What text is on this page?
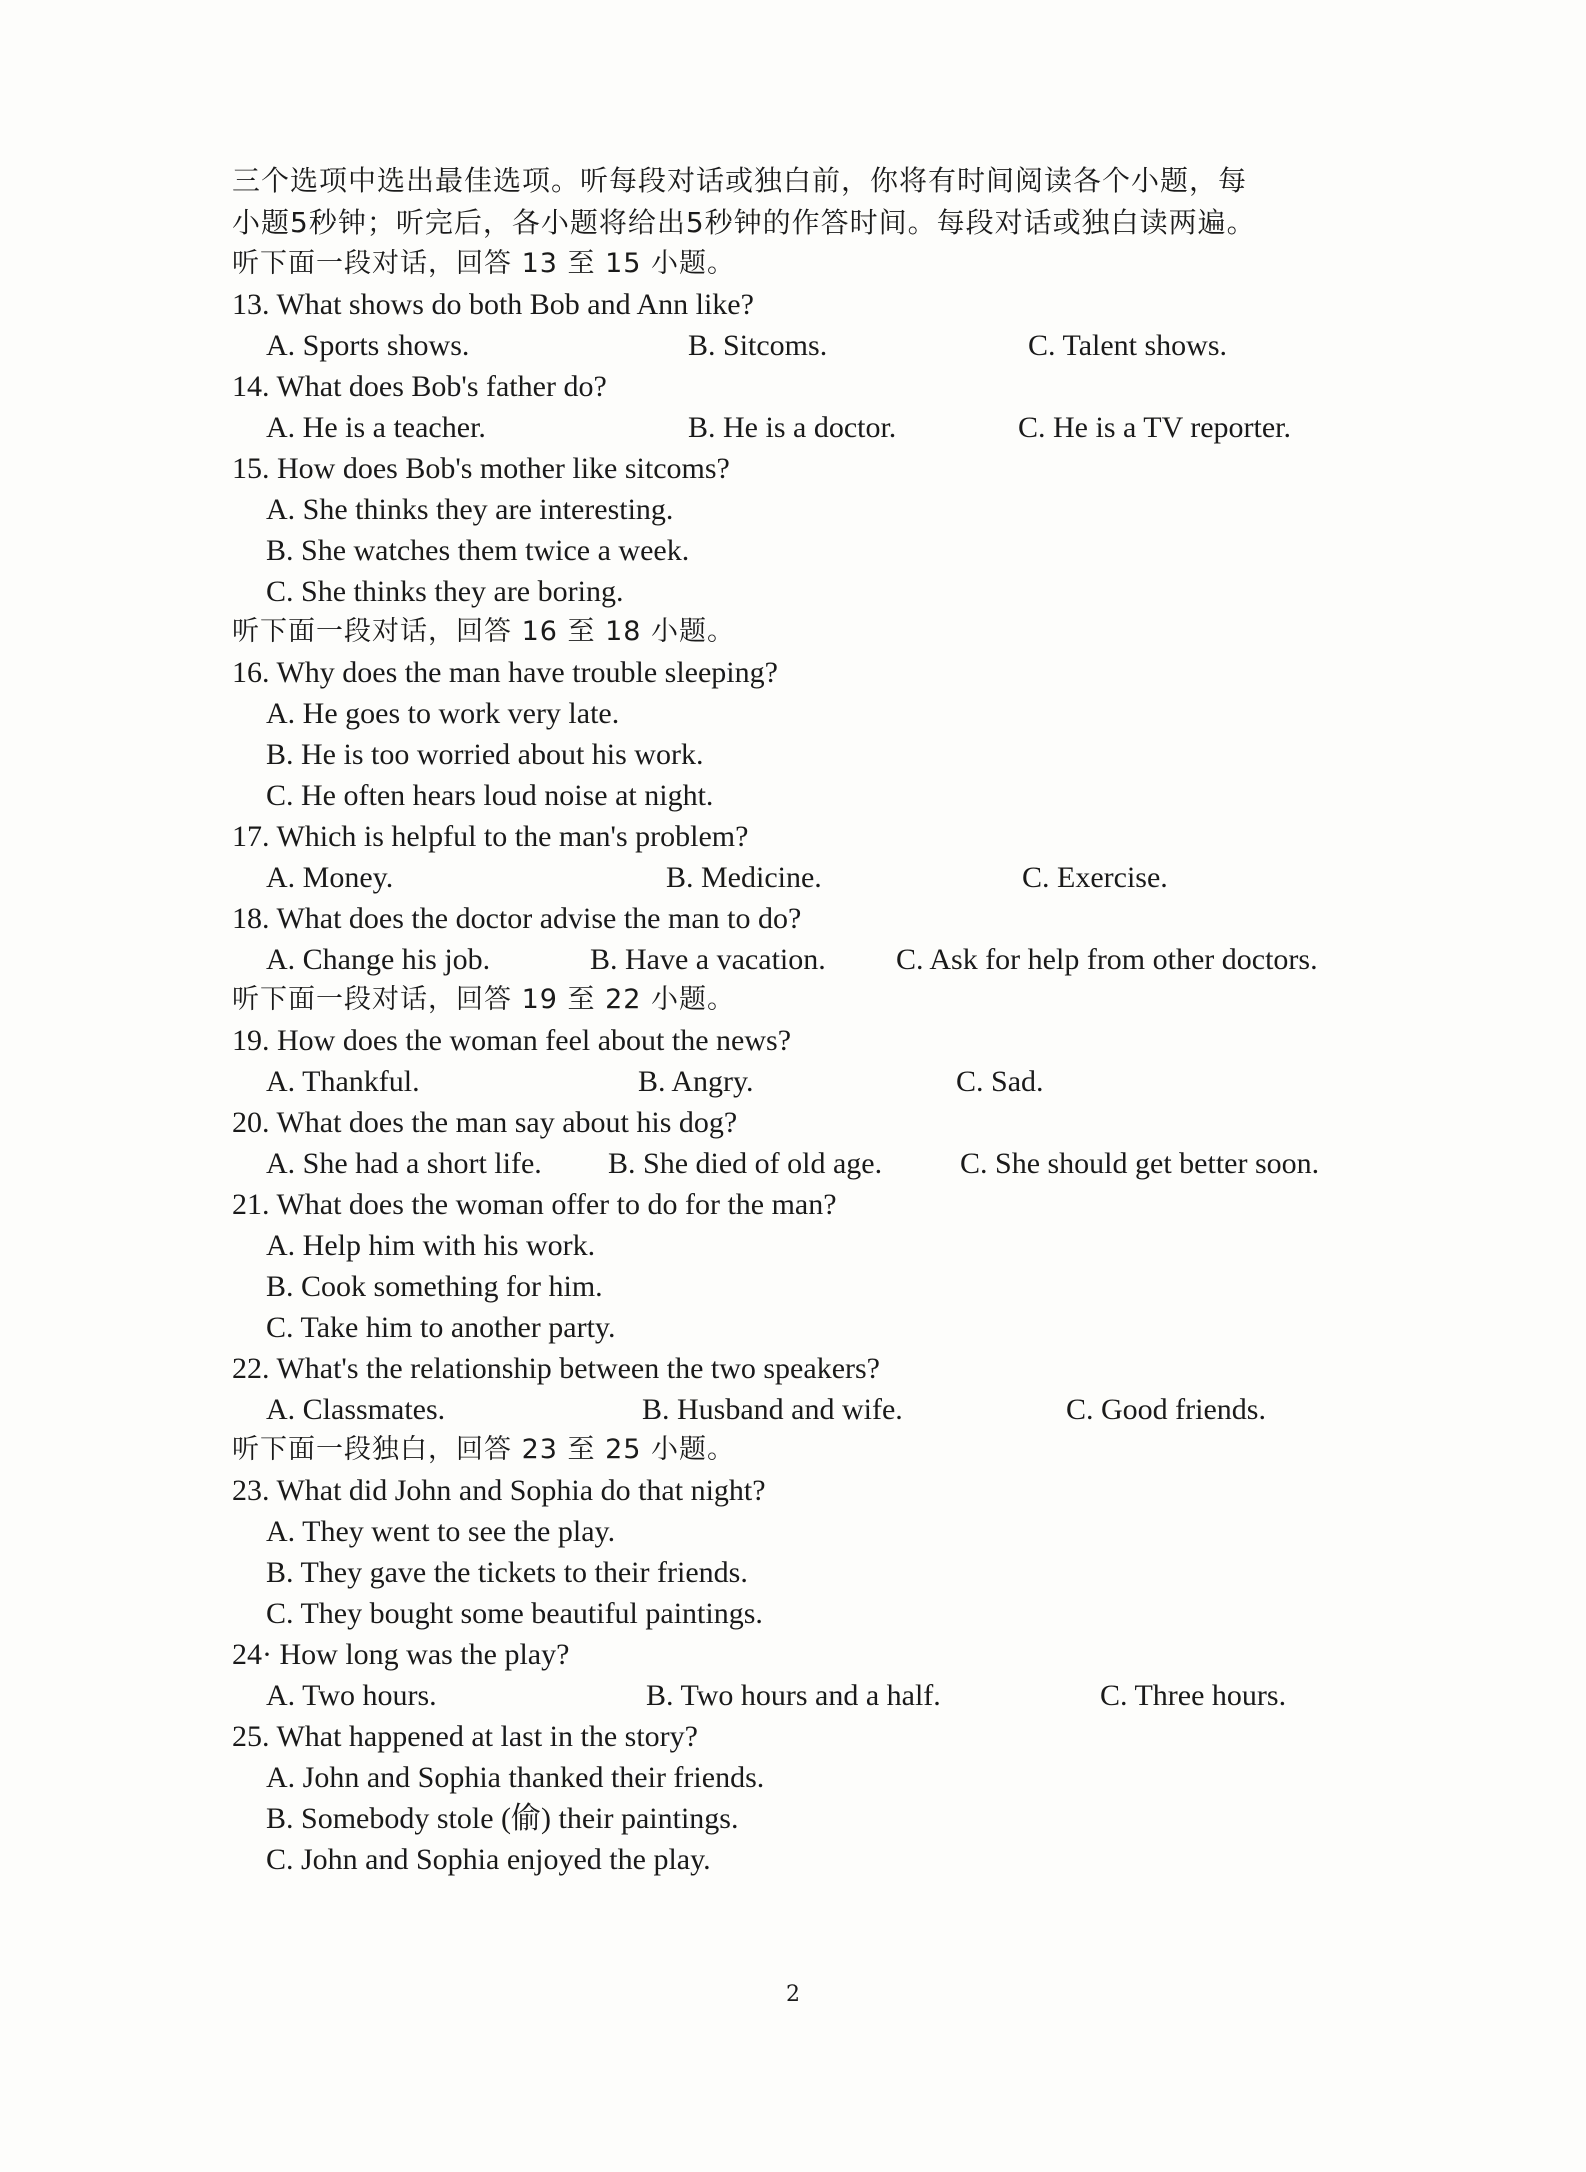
三个选项中选出最佳选项。听每段对话或独白前，你将有时间阅读各个小题，每
小题5秒钟；听完后，各小题将给出5秒钟的作答时间。每段对话或独白读两遍。
听下面一段对话，回答 13 至 15 小题。
13. What shows do both Bob and Ann like?
A. Sports shows.	B. Sitcoms.	C. Talent shows.
14. What does Bob's father do?
A. He is a teacher.	B. He is a doctor.	C. He is a TV reporter.
15. How does Bob's mother like sitcoms?
A. She thinks they are interesting.
B. She watches them twice a week.
C. She thinks they are boring.
听下面一段对话，回答 16 至 18 小题。
16. Why does the man have trouble sleeping?
A. He goes to work very late.
B. He is too worried about his work.
C. He often hears loud noise at night.
17. Which is helpful to the man's problem?
A. Money.	B. Medicine.	C. Exercise.
18. What does the doctor advise the man to do?
A. Change his job.	B. Have a vacation. C. Ask for help from other doctors.
听下面一段对话，回答 19 至 22 小题。
19. How does the woman feel about the news?
A. Thankful.	B. Angry.	C. Sad.
20. What does the man say about his dog?
A. She had a short life. B. She died of old age.	C. She should get better soon.
21. What does the woman offer to do for the man?
A. Help him with his work.
B. Cook something for him.
C. Take him to another party.
22. What's the relationship between the two speakers?
A. Classmates.	B. Husband and wife.	C. Good friends.
听下面一段独白，回答 23 至 25 小题。
23. What did John and Sophia do that night?
A. They went to see the play.
B. They gave the tickets to their friends.
C. They bought some beautiful paintings.
24· How long was the play?
A. Two hours.	B. Two hours and a half.	C. Three hours.
25. What happened at last in the story?
A. John and Sophia thanked their friends.
B. Somebody stole (偷) their paintings.
C. John and Sophia enjoyed the play.
2
